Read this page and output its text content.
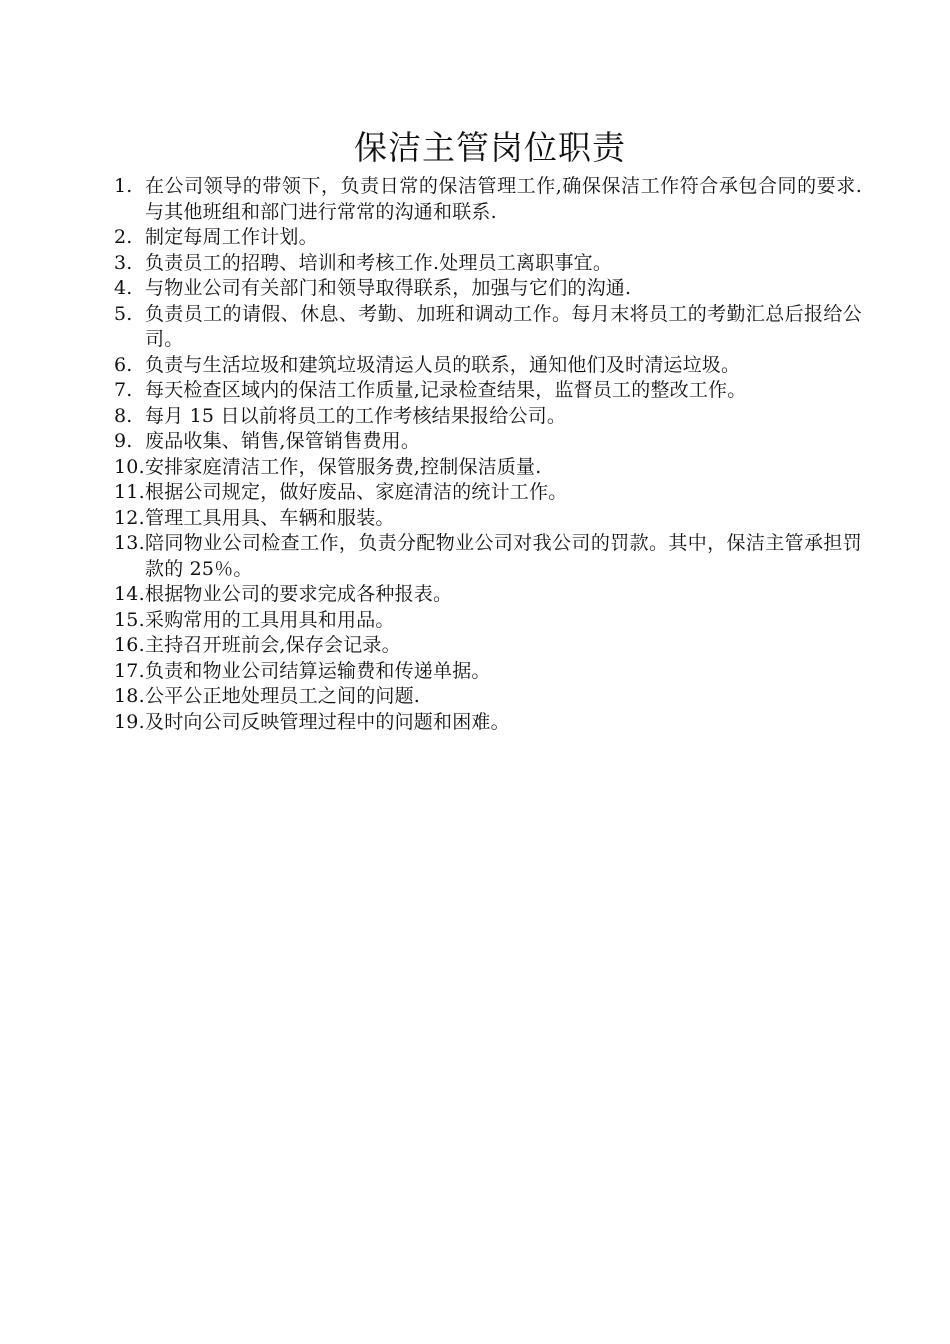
保洁主管岗位职责
1. 在公司领导的带领下，负责日常的保洁管理工作,确保保洁工作符合承包合同的要求.与其他班组和部门进行常常的沟通和联系.
2. 制定每周工作计划。
3. 负责员工的招聘、培训和考核工作.处理员工离职事宜。
4. 与物业公司有关部门和领导取得联系，加强与它们的沟通.
5. 负责员工的请假、休息、考勤、加班和调动工作。每月末将员工的考勤汇总后报给公司。
6. 负责与生活垃圾和建筑垃圾清运人员的联系，通知他们及时清运垃圾。
7. 每天检查区域内的保洁工作质量,记录检查结果，监督员工的整改工作。
8. 每月 15 日以前将员工的工作考核结果报给公司。
9. 废品收集、销售,保管销售费用。
10. 安排家庭清洁工作，保管服务费,控制保洁质量.
11. 根据公司规定，做好废品、家庭清洁的统计工作。
12. 管理工具用具、车辆和服装。
13. 陪同物业公司检查工作，负责分配物业公司对我公司的罚款。其中，保洁主管承担罚款的 25％。
14. 根据物业公司的要求完成各种报表。
15. 采购常用的工具用具和用品。
16. 主持召开班前会,保存会记录。
17. 负责和物业公司结算运输费和传递单据。
18. 公平公正地处理员工之间的问题.
19. 及时向公司反映管理过程中的问题和困难。
